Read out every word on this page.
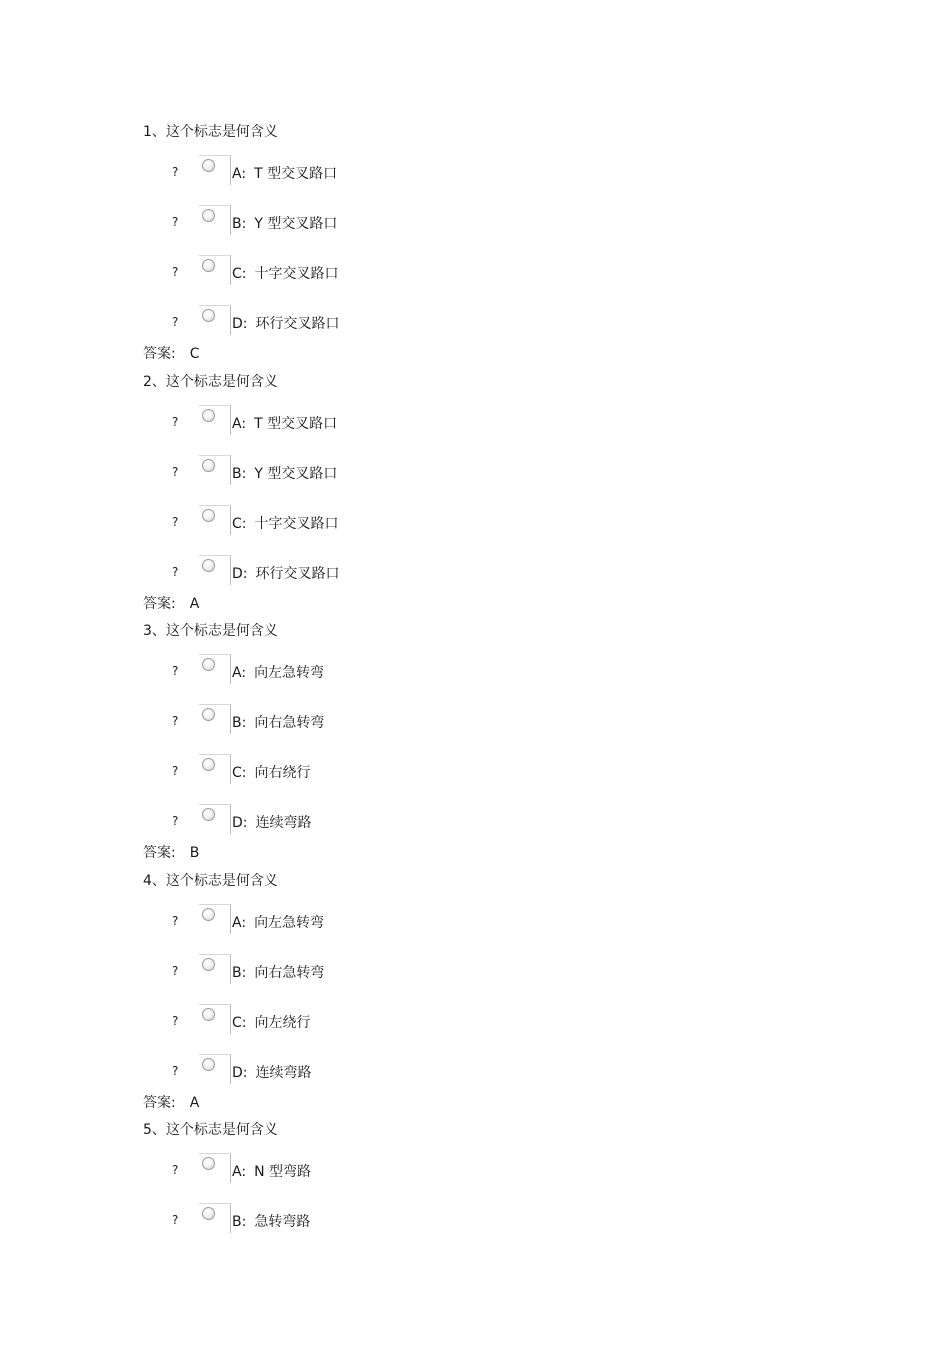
1、这个标志是何含义
?	A: T 型交叉路口
?	B: Y 型交叉路口
?	C: 十字交叉路口
?	D: 环行交叉路口
答案: C
2、这个标志是何含义
?	A: T 型交叉路口
?	B: Y 型交叉路口
?	C: 十字交叉路口
?	D: 环行交叉路口
答案: A
3、这个标志是何含义
?	A: 向左急转弯
?	B: 向右急转弯
?	C: 向右绕行
?	D: 连续弯路
答案: B
4、这个标志是何含义
?	A: 向左急转弯
?	B: 向右急转弯
?	C: 向左绕行
?	D: 连续弯路
答案: A
5、这个标志是何含义
?	A: N 型弯路
?	B: 急转弯路
